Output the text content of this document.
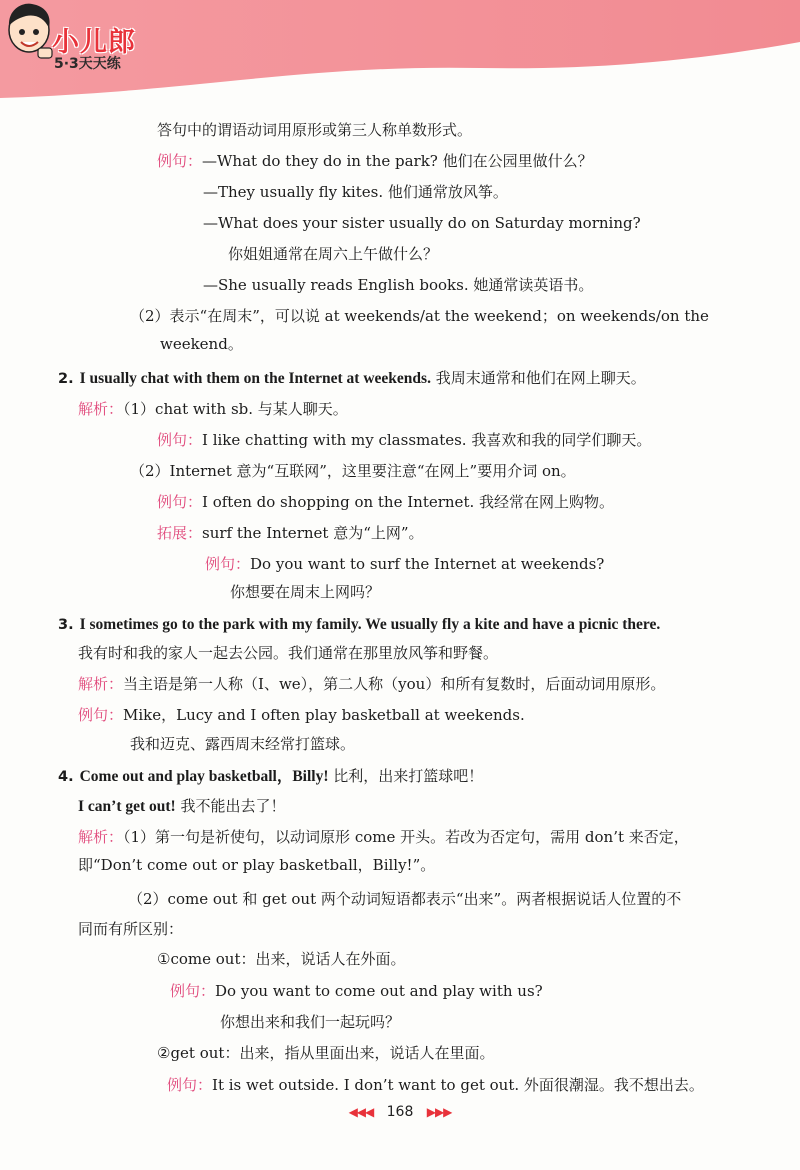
小儿郎
5·3天天练
答句中的谓语动词用原形或第三人称单数形式。
例句：—What do they do in the park? 他们在公园里做什么？
—They usually fly kites. 他们通常放风筝。
—What does your sister usually do on Saturday morning?
你姐姐通常在周六上午做什么？
—She usually reads English books. 她通常读英语书。
（2）表示“在周末”，可以说 at weekends/at the weekend；on weekends/on the
weekend。
2. I usually chat with them on the Internet at weekends. 我周末通常和他们在网上聊天。
解析：（1）chat with sb. 与某人聊天。
例句：I like chatting with my classmates. 我喜欢和我的同学们聊天。
（2）Internet 意为“互联网”，这里要注意“在网上”要用介词 on。
例句：I often do shopping on the Internet. 我经常在网上购物。
拓展：surf the Internet 意为“上网”。
例句：Do you want to surf the Internet at weekends?
你想要在周末上网吗？
3. I sometimes go to the park with my family. We usually fly a kite and have a picnic there.
我有时和我的家人一起去公园。我们通常在那里放风筝和野餐。
解析：当主语是第一人称（I、we），第二人称（you）和所有复数时，后面动词用原形。
例句：Mike，Lucy and I often play basketball at weekends.
我和迈克、露西周末经常打篮球。
4. Come out and play basketball，Billy! 比利，出来打篮球吧！
I can’t get out! 我不能出去了！
解析：（1）第一句是祈使句，以动词原形 come 开头。若改为否定句，需用 don’t 来否定，
即“Don’t come out or play basketball，Billy!”。
（2）come out 和 get out 两个动词短语都表示“出来”。两者根据说话人位置的不
同而有所区别：
①come out：出来，说话人在外面。
例句：Do you want to come out and play with us?
你想出来和我们一起玩吗？
②get out：出来，指从里面出来，说话人在里面。
例句：It is wet outside. I don’t want to get out. 外面很潮湿。我不想出去。
◀◀◀ 168 ▶▶▶
